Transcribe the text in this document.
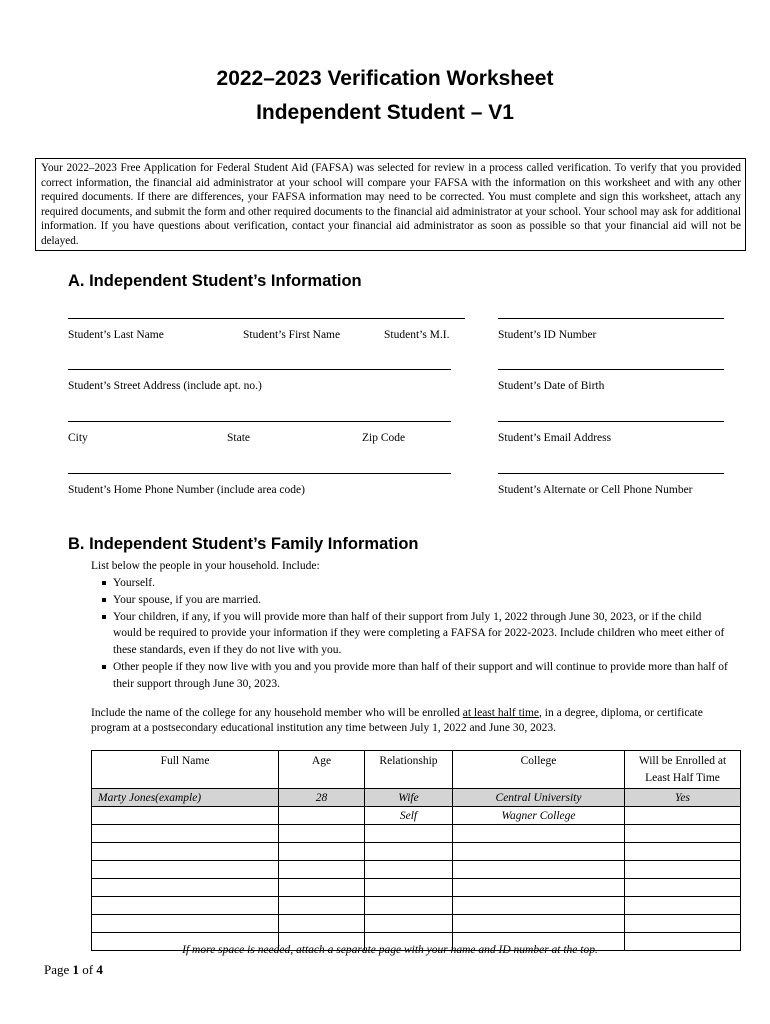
2022–2023 Verification Worksheet
Independent Student – V1
Your 2022–2023 Free Application for Federal Student Aid (FAFSA) was selected for review in a process called verification. To verify that you provided correct information, the financial aid administrator at your school will compare your FAFSA with the information on this worksheet and with any other required documents. If there are differences, your FAFSA information may need to be corrected. You must complete and sign this worksheet, attach any required documents, and submit the form and other required documents to the financial aid administrator at your school. Your school may ask for additional information. If you have questions about verification, contact your financial aid administrator as soon as possible so that your financial aid will not be delayed.
A. Independent Student’s Information
Student’s Last Name	Student’s First Name	Student’s M.I.	Student’s ID Number
Student’s Street Address (include apt. no.)	Student’s Date of Birth
City	State	Zip Code	Student’s Email Address
Student’s Home Phone Number (include area code)	Student’s Alternate or Cell Phone Number
B. Independent Student’s Family Information
List below the people in your household. Include:
Yourself.
Your spouse, if you are married.
Your children, if any, if you will provide more than half of their support from July 1, 2022 through June 30, 2023, or if the child would be required to provide your information if they were completing a FAFSA for 2022-2023. Include children who meet either of these standards, even if they do not live with you.
Other people if they now live with you and you provide more than half of their support and will continue to provide more than half of their support through June 30, 2023.
Include the name of the college for any household member who will be enrolled at least half time, in a degree, diploma, or certificate program at a postsecondary educational institution any time between July 1, 2022 and June 30, 2023.
Full Name	Age	Relationship	College	Will be Enrolled at Least Half Time
Marty Jones(example)	28	Wife	Central University	Yes
		Self	Wagner College	

If more space is needed, attach a separate page with your name and ID number at the top.
Page 1 of 4
